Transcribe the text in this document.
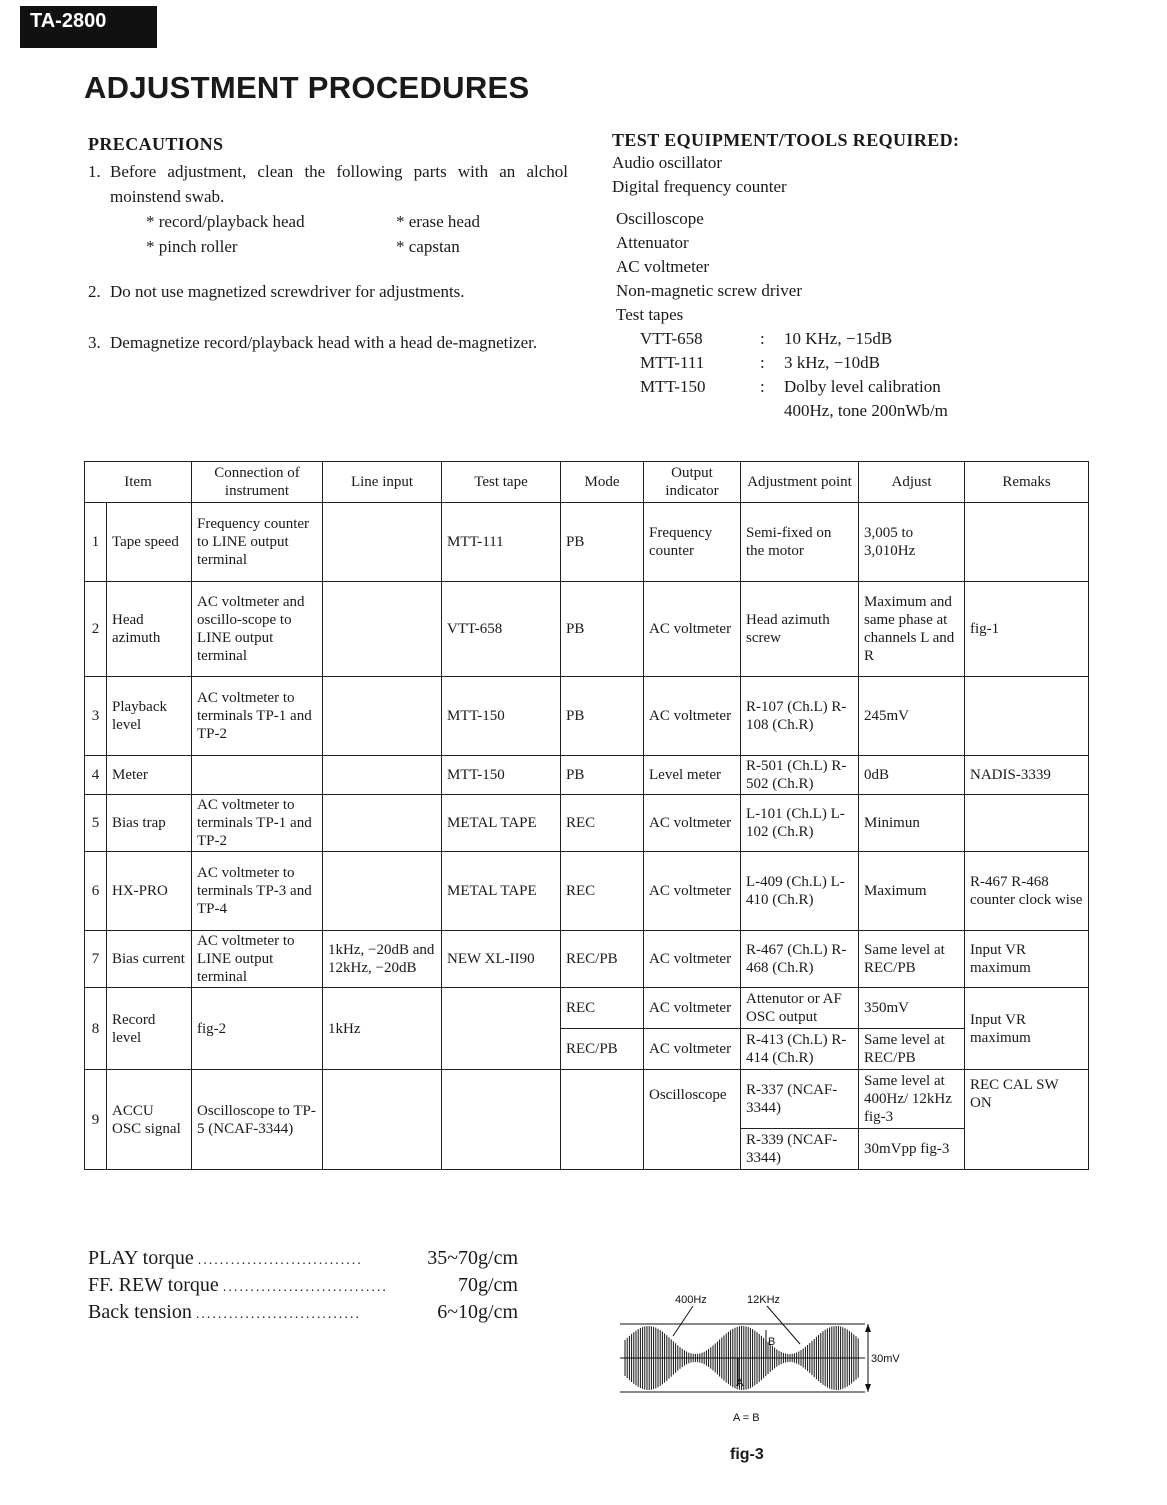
TA-2800
ADJUSTMENT PROCEDURES
PRECAUTIONS
1. Before adjustment, clean the following parts with an alchol moinstend swab.
* record/playback head	* erase head
* pinch roller	* capstan
2. Do not use magnetized screwdriver for adjustments.
3. Demagnetize record/playback head with a head de-magnetizer.
TEST EQUIPMENT/TOOLS REQUIRED:
Audio oscillator
Digital frequency counter
Oscilloscope
Attenuator
AC voltmeter
Non-magnetic screw driver
Test tapes
VTT-658	:	10 KHz, −15dB
MTT-111	:	3 kHz, −10dB
MTT-150	:	Dolby level calibration
400Hz, tone 200nWb/m
Item		Connection of instrument	Line input	Test tape	Mode	Output indicator	Adjustment point	Adjust	Remaks
1	Tape speed	Frequency counter to LINE output terminal		MTT-111	PB	Frequency counter	Semi-fixed on the motor	3,005 to 3,010Hz	
2	Head azimuth	AC voltmeter and oscillo-scope to LINE output terminal		VTT-658	PB	AC voltmeter	Head azimuth screw	Maximum and same phase at channels L and R	fig-1
3	Playback level	AC voltmeter to terminals TP-1 and TP-2		MTT-150	PB	AC voltmeter	R-107 (Ch.L) R-108 (Ch.R)	245mV	
4	Meter			MTT-150	PB	Level meter	R-501 (Ch.L) R-502 (Ch.R)	0dB	NADIS-3339
5	Bias trap	AC voltmeter to terminals TP-1 and TP-2		METAL TAPE	REC	AC voltmeter	L-101 (Ch.L) L-102 (Ch.R)	Minimun	
6	HX-PRO	AC voltmeter to terminals TP-3 and TP-4		METAL TAPE	REC	AC voltmeter	L-409 (Ch.L) L-410 (Ch.R)	Maximum	R-467 R-468 counter clock wise
7	Bias current	AC voltmeter to LINE output terminal	1kHz, −20dB and 12kHz, −20dB	NEW XL-II90	REC/PB	AC voltmeter	R-467 (Ch.L) R-468 (Ch.R)	Same level at REC/PB	Input VR maximum
8	Record level	fig-2	1kHz		REC	AC voltmeter	Attenutor or AF OSC output	350mV	Input VR maximum
					REC/PB	AC voltmeter	R-413 (Ch.L) R-414 (Ch.R)	Same level at REC/PB	
9	ACCU OSC signal	Oscilloscope to TP-5 (NCAF-3344)				Oscilloscope	R-337 (NCAF-3344)	Same level at 400Hz/ 12kHz fig-3	REC CAL SW ON
							R-339 (NCAF-3344)	30mVpp fig-3	
PLAY torque ..............................	35~70g/cm
FF. REW torque ..............................	70g/cm
Back tension ..............................	6~10g/cm
400Hz	12KHz
B
A
30mV
A = B
fig-3
